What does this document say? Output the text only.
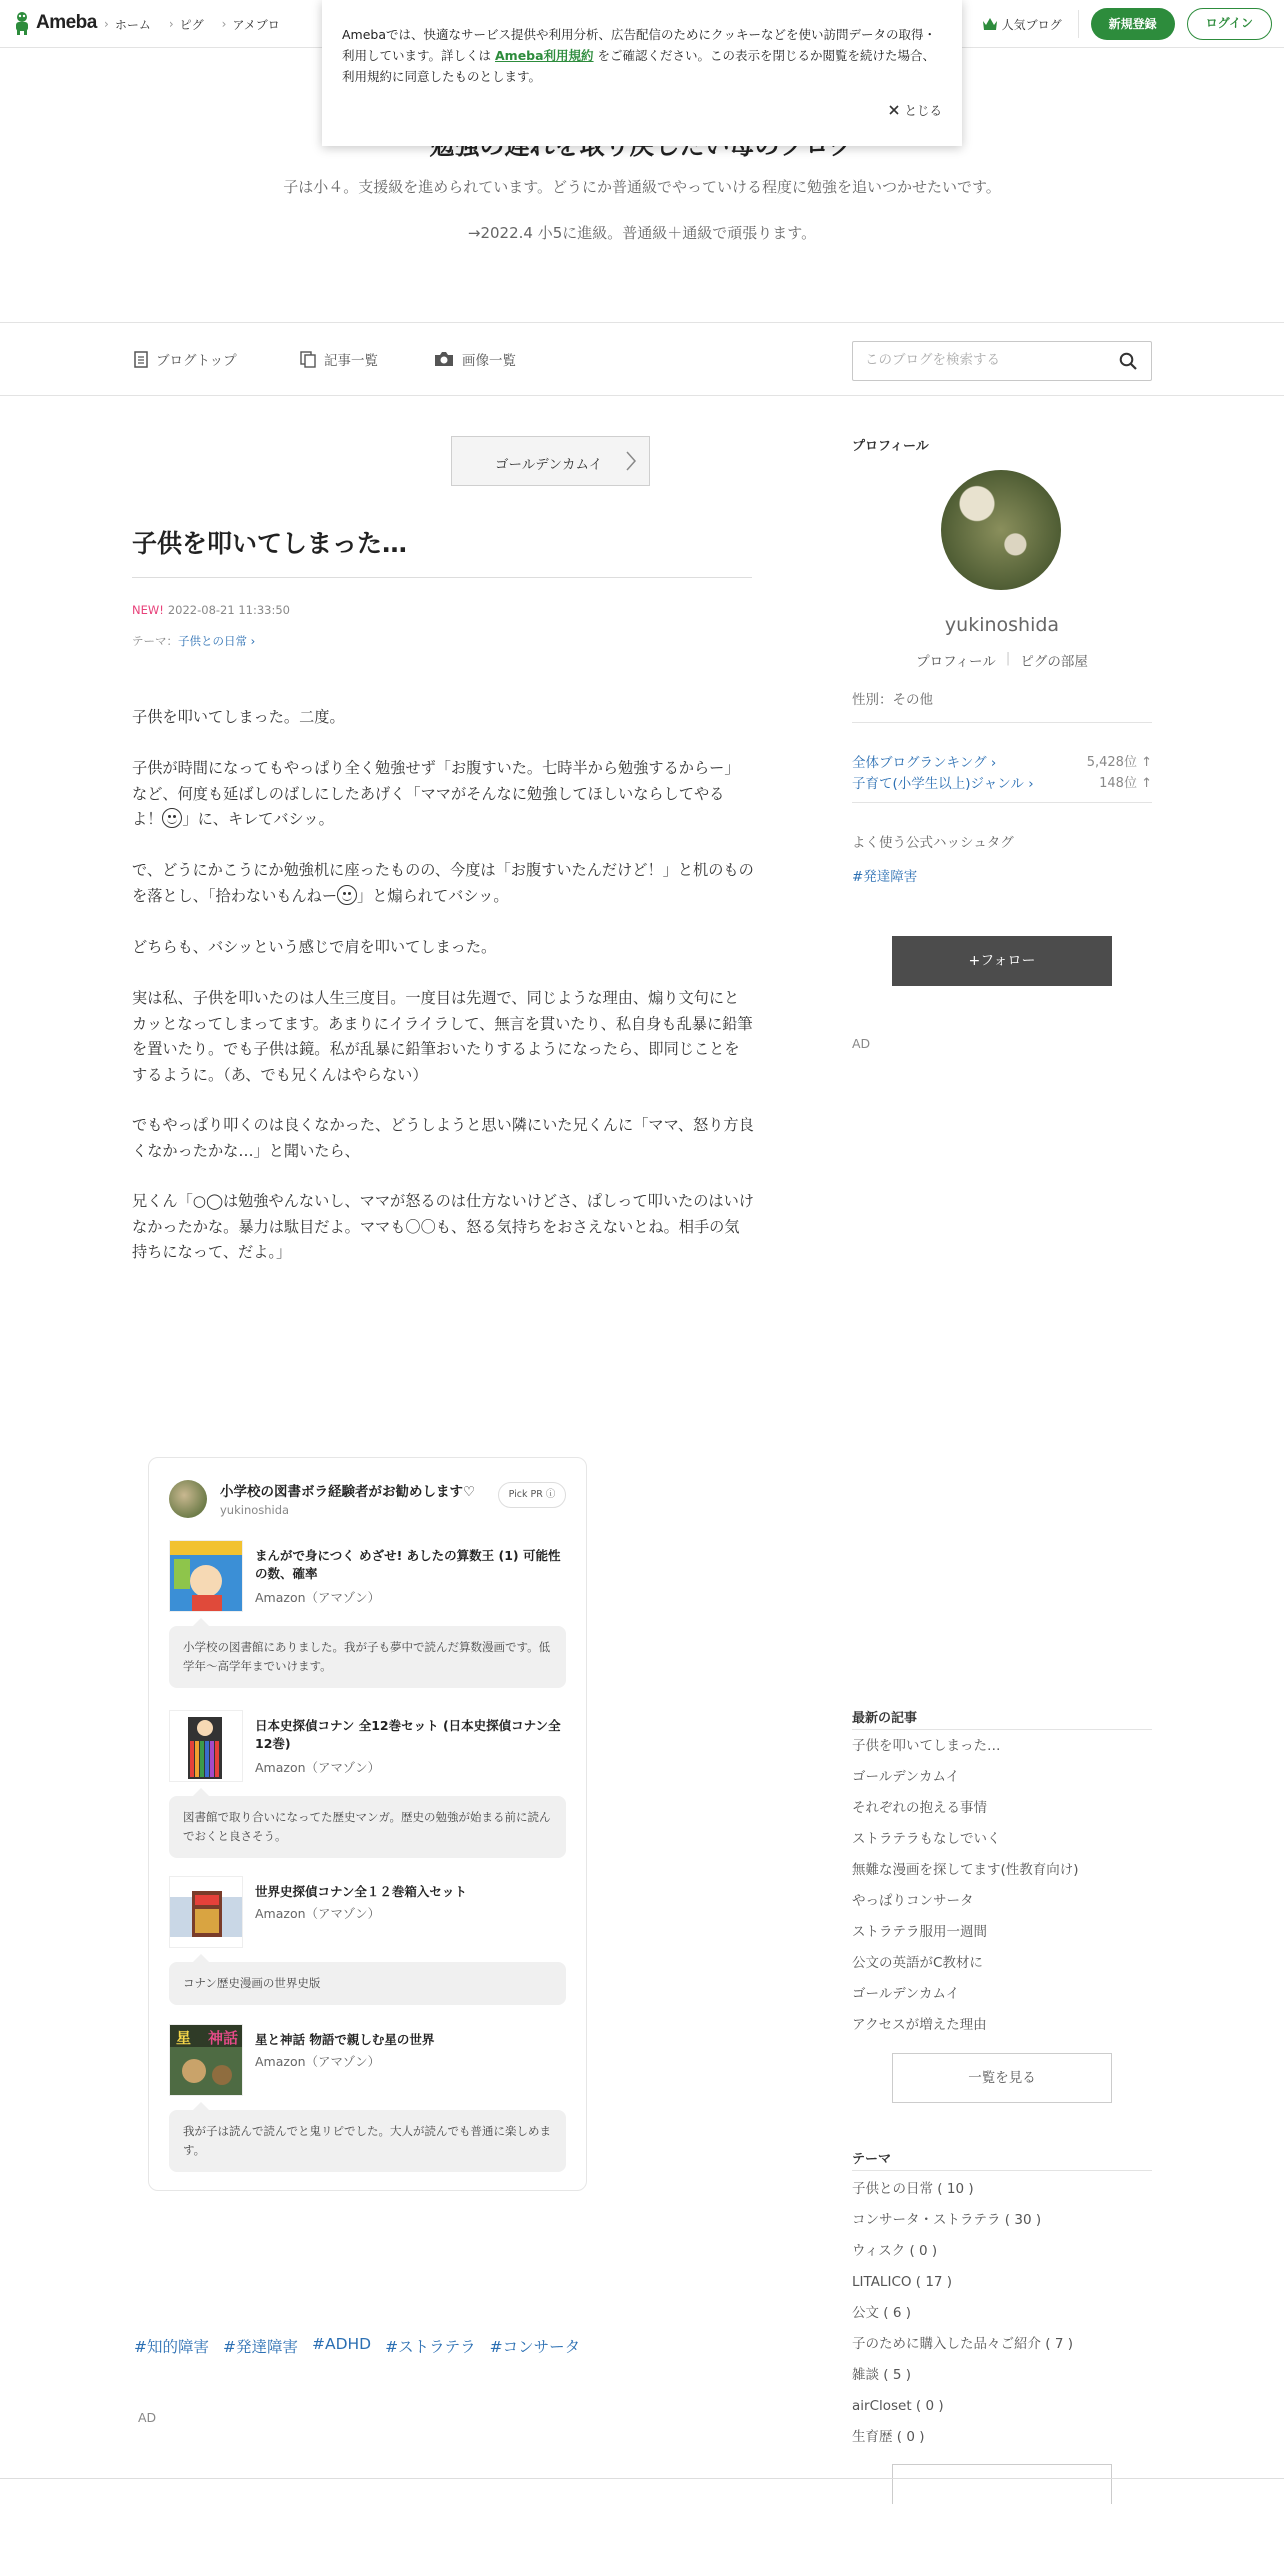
Ameba	› ホーム	› ピグ	› アメブロ	人気ブログ	新規登録	ログイン

Amebaでは、快適なサービス提供や利用分析、広告配信のためにクッキーなどを使い訪問データの取得・利用しています。詳しくは Ameba利用規約 をご確認ください。この表示を閉じるか閲覧を続けた場合、利用規約に同意したものとします。

とじる
子は小４。支援級を進められています。どうにか普通級でやっていける程度に勉強を追いつかせたいです。
→2022.4 小5に進級。普通級＋通級で頑張ります。
ブログトップ	記事一覧	画像一覧
このブログを検索する
ゴールデンカムイ
子供を叩いてしまった…
NEW! 2022-08-21 11:33:50
テーマ：子供との日常 ›
子供を叩いてしまった。二度。
子供が時間になってもやっぱり全く勉強せず「お腹すいた。七時半から勉強するからー」など、何度も延ばしのばしにしたあげく「ママがそんなに勉強してほしいならしてやるよ！ 」に、キレてバシッ。
で、どうにかこうにか勉強机に座ったものの、今度は「お腹すいたんだけど！」と机のものを落とし、「拾わないもんねー 」と煽られてバシッ。
どちらも、バシッという感じで肩を叩いてしまった。
実は私、子供を叩いたのは人生三度目。一度目は先週で、同じような理由、煽り文句にとカッとなってしまってます。あまりにイライラして、無言を貫いたり、私自身も乱暴に鉛筆を置いたり。でも子供は鏡。私が乱暴に鉛筆おいたりするようになったら、即同じことをするように。（あ、でも兄くんはやらない）
でもやっぱり叩くのは良くなかった、どうしようと思い隣にいた兄くんに「ママ、怒り方良くなかったかな…」と聞いたら、
兄くん「○◯は勉強やんないし、ママが怒るのは仕方ないけどさ、ぱしって叩いたのはいけなかったかな。暴力は駄目だよ。ママも〇〇も、怒る気持ちをおさえないとね。相手の気持ちになって、だよ。」
小学校の図書ボラ経験者がお勧めします♡
yukinoshida
Pick PR ⓘ
まんがで身につく めざせ! あしたの算数王 (1) 可能性の数、確率
Amazon（アマゾン）
小学校の図書館にありました。我が子も夢中で読んだ算数漫画です。低学年〜高学年までいけます。
日本史探偵コナン 全12巻セット (日本史探偵コナン全12巻)
Amazon（アマゾン）
図書館で取り合いになってた歴史マンガ。歴史の勉強が始まる前に読んでおくと良さそう。
世界史探偵コナン全１２巻箱入セット
Amazon（アマゾン）
コナン歴史漫画の世界史版
星 神話 星と神話 物語で親しむ星の世界
Amazon（アマゾン）
我が子は読んで読んでと鬼リピでした。大人が読んでも普通に楽しめます。
#知的障害 #発達障害 #ADHD #ストラテラ #コンサータ
AD
プロフィール
yukinoshida
プロフィール | ピグの部屋
性別：その他
全体ブログランキング ›	5,428位 ↑
子育て(小学生以上)ジャンル ›	148位 ↑
よく使う公式ハッシュタグ
#発達障害
+フォロー
AD
最新の記事
子供を叩いてしまった…
ゴールデンカムイ
それぞれの抱える事情
ストラテラもなしでいく
無難な漫画を探してます(性教育向け)
やっぱりコンサータ
ストラテラ服用一週間
公文の英語がC教材に
ゴールデンカムイ
アクセスが増えた理由
一覧を見る
テーマ
子供との日常 ( 10 )
コンサータ・ストラテラ ( 30 )
ウィスク ( 0 )
LITALICO ( 17 )
公文 ( 6 )
子のために購入した品々ご紹介 ( 7 )
雑談 ( 5 )
airCloset ( 0 )
生育歴 ( 0 )
